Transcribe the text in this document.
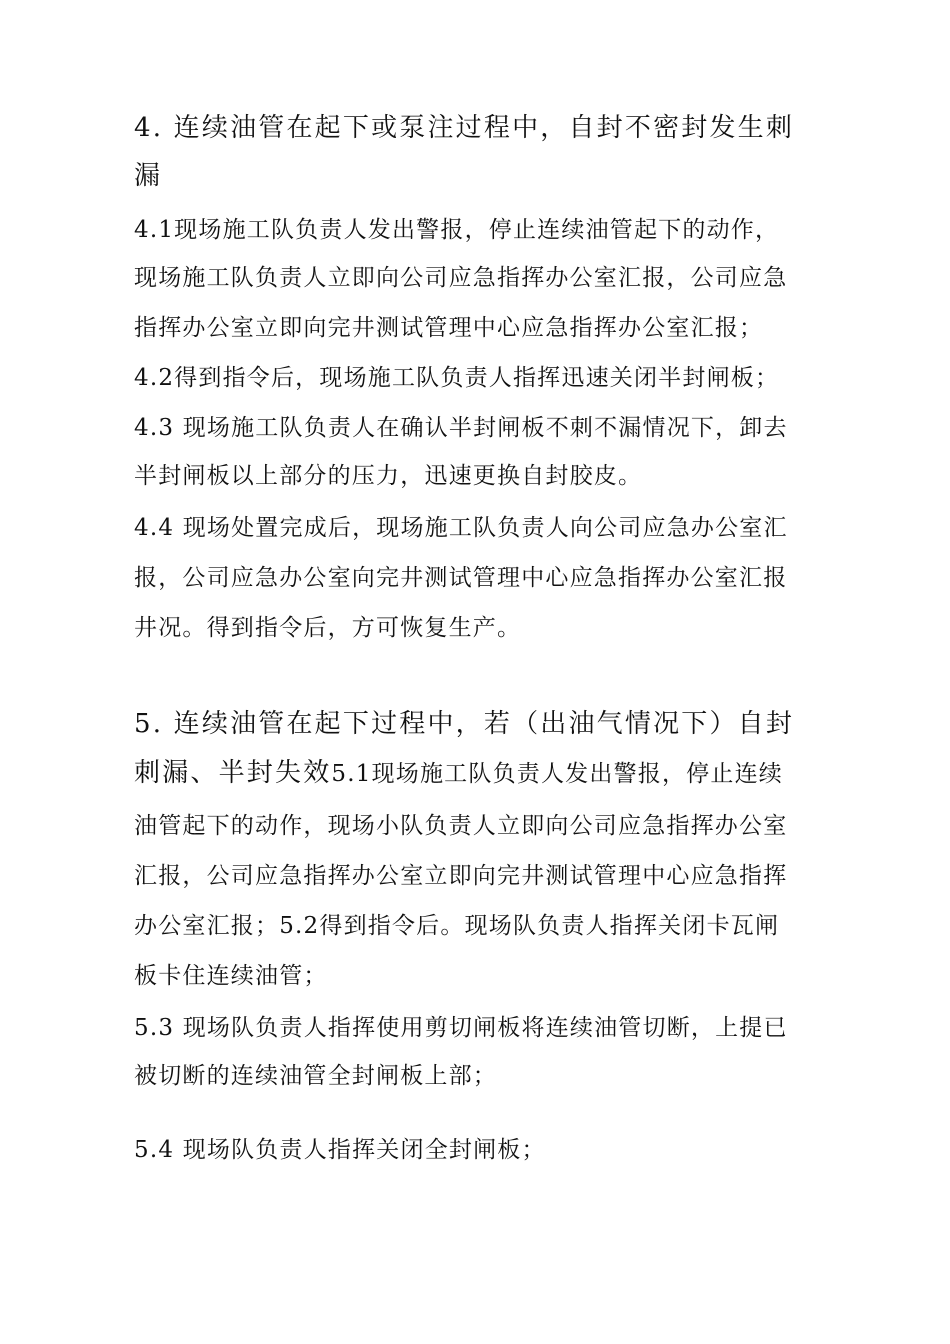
4. 连续油管在起下或泵注过程中，自封不密封发生刺
漏
4.1现场施工队负责人发出警报，停止连续油管起下的动作，
现场施工队负责人立即向公司应急指挥办公室汇报，公司应急
指挥办公室立即向完井测试管理中心应急指挥办公室汇报；
4.2得到指令后，现场施工队负责人指挥迅速关闭半封闸板；
4.3 现场施工队负责人在确认半封闸板不刺不漏情况下，卸去
半封闸板以上部分的压力，迅速更换自封胶皮。
4.4 现场处置完成后，现场施工队负责人向公司应急办公室汇
报，公司应急办公室向完井测试管理中心应急指挥办公室汇报
井况。得到指令后，方可恢复生产。
5. 连续油管在起下过程中，若（出油气情况下）自封
刺漏、半封失效5.1现场施工队负责人发出警报，停止连续
油管起下的动作，现场小队负责人立即向公司应急指挥办公室
汇报，公司应急指挥办公室立即向完井测试管理中心应急指挥
办公室汇报；5.2得到指令后。现场队负责人指挥关闭卡瓦闸
板卡住连续油管；
5.3 现场队负责人指挥使用剪切闸板将连续油管切断，上提已
被切断的连续油管全封闸板上部；
5.4 现场队负责人指挥关闭全封闸板；
